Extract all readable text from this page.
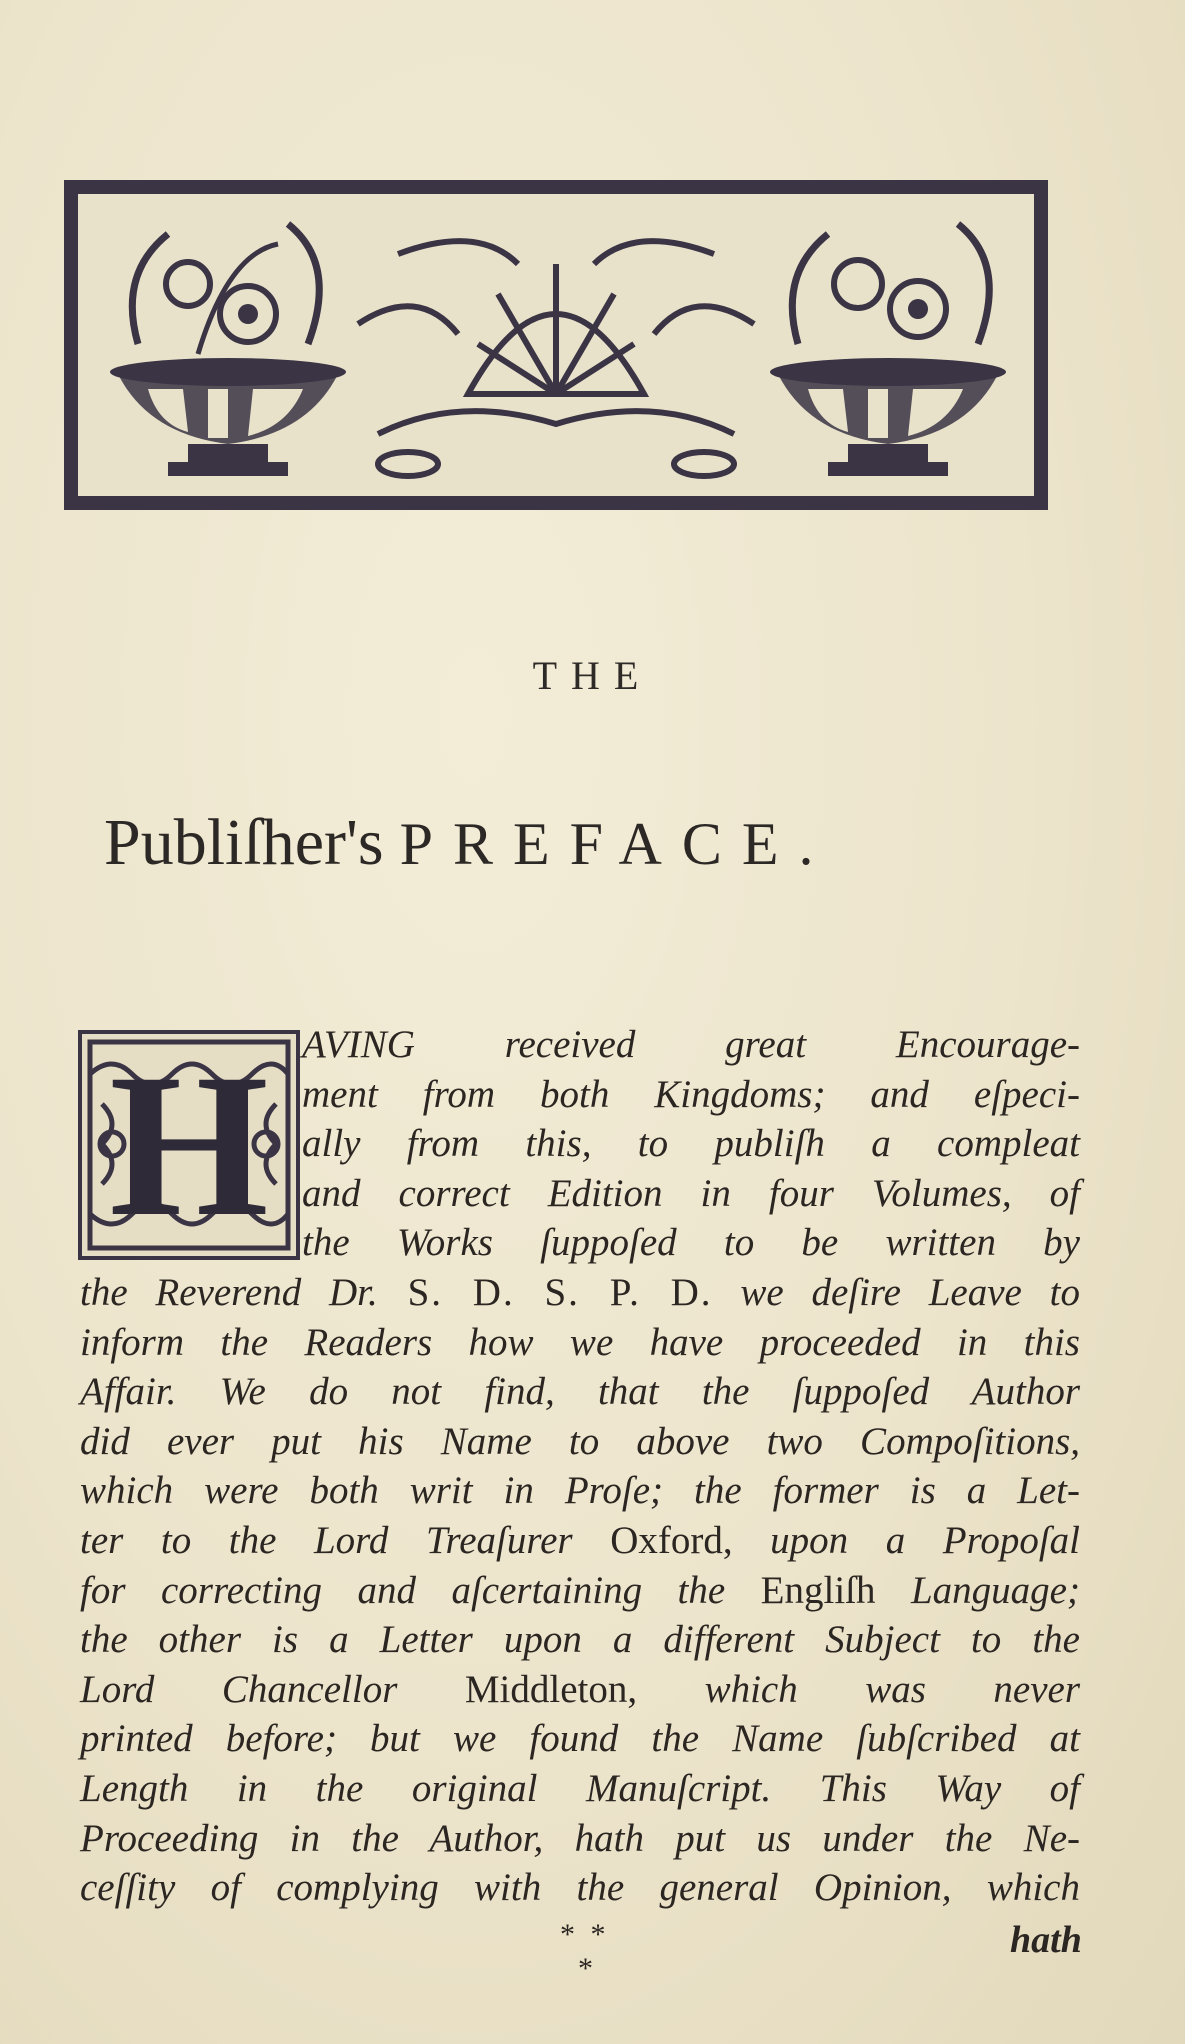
THE
Publiſher's PREFACE.
H AVING received great Encourage-
ment from both Kingdoms; and eſpeci-
ally from this, to publiſh a compleat
and correct Edition in four Volumes, of
the Works ſuppoſed to be written by
the Reverend Dr. S. D. S. P. D. we deſire Leave to
inform the Readers how we have proceeded in this
Affair. We do not find, that the ſuppoſed Author
did ever put his Name to above two Compoſitions,
which were both writ in Proſe; the former is a Let-
ter to the Lord Treaſurer Oxford, upon a Propoſal
for correcting and aſcertaining the Engliſh Language;
the other is a Letter upon a different Subject to the
Lord Chancellor Middleton, which was never
printed before; but we found the Name ſubſcribed at
Length in the original Manuſcript. This Way of
Proceeding in the Author, hath put us under the Ne-
ceſſity of complying with the general Opinion, which
* *
*
hath
